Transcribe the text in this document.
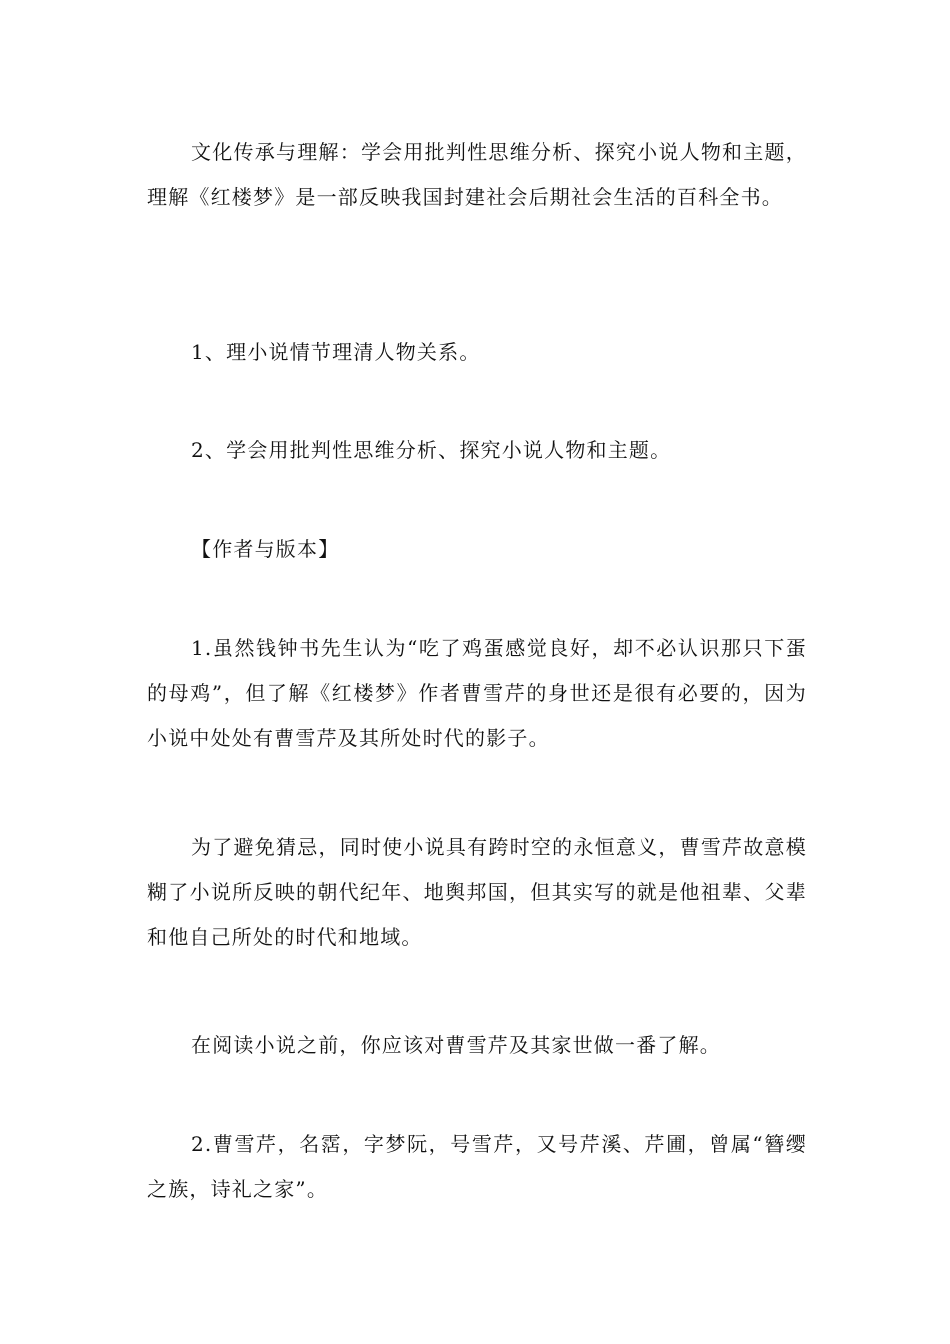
文化传承与理解：学会用批判性思维分析、探究小说人物和主题，理解《红楼梦》是一部反映我国封建社会后期社会生活的百科全书。

1、理小说情节理清人物关系。

2、学会用批判性思维分析、探究小说人物和主题。

【作者与版本】

1.虽然钱钟书先生认为“吃了鸡蛋感觉良好，却不必认识那只下蛋的母鸡”，但了解《红楼梦》作者曹雪芹的身世还是很有必要的，因为小说中处处有曹雪芹及其所处时代的影子。

为了避免猜忌，同时使小说具有跨时空的永恒意义，曹雪芹故意模糊了小说所反映的朝代纪年、地舆邦国，但其实写的就是他祖辈、父辈和他自己所处的时代和地域。

在阅读小说之前，你应该对曹雪芹及其家世做一番了解。

2.曹雪芹，名霑，字梦阮，号雪芹，又号芹溪、芹圃，曾属“簪缨之族，诗礼之家”。
